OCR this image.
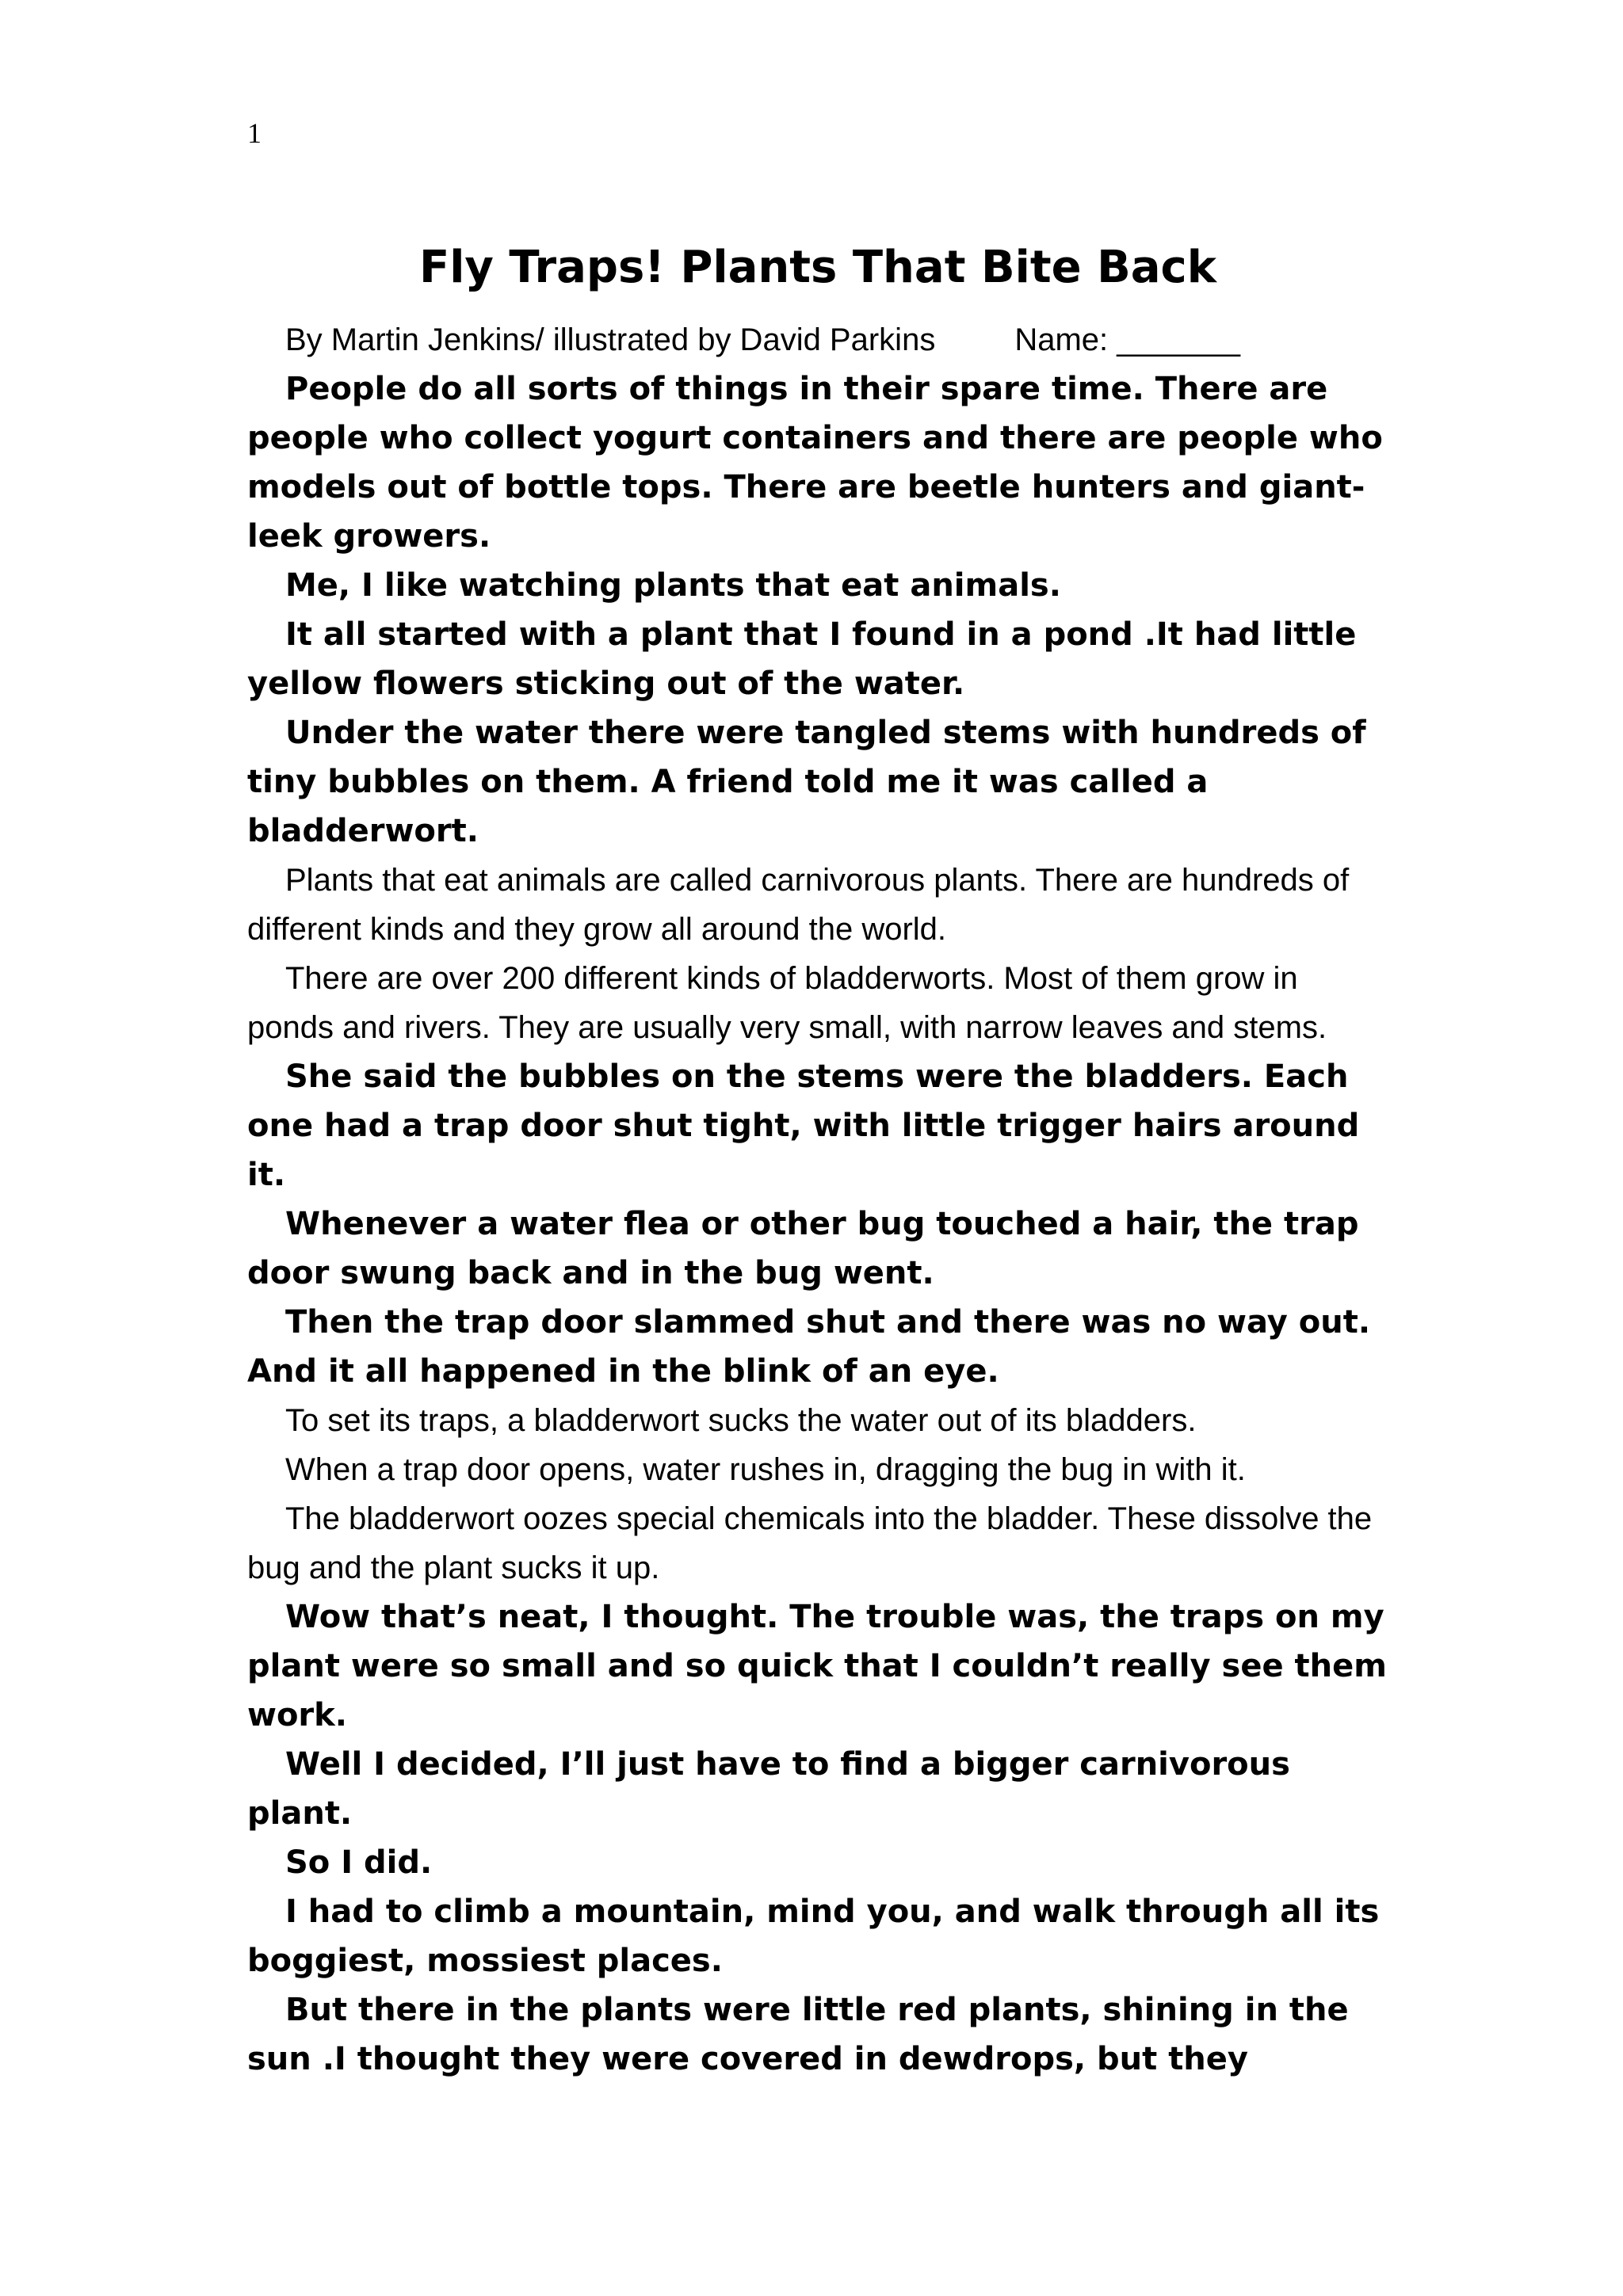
1
Fly Traps! Plants That Bite Back
By Martin Jenkins/ illustrated by David Parkins	Name: _______

People do all sorts of things in their spare time. There are people who collect yogurt containers and there are people who models out of bottle tops. There are beetle hunters and giant- leek growers.

Me, I like watching plants that eat animals.

It all started with a plant that I found in a pond .It had little yellow flowers sticking out of the water.

Under the water there were tangled stems with hundreds of tiny bubbles on them. A friend told me it was called a bladderwort.

Plants that eat animals are called carnivorous plants. There are hundreds of different kinds and they grow all around the world.

There are over 200 different kinds of bladderworts. Most of them grow in ponds and rivers. They are usually very small, with narrow leaves and stems.

She said the bubbles on the stems were the bladders. Each one had a trap door shut tight, with little trigger hairs around it.

Whenever a water flea or other bug touched a hair, the trap door swung back and in the bug went.

Then the trap door slammed shut and there was no way out. And it all happened in the blink of an eye.

To set its traps, a bladderwort sucks the water out of its bladders.

When a trap door opens, water rushes in, dragging the bug in with it.

The bladderwort oozes special chemicals into the bladder. These dissolve the bug and the plant sucks it up.

Wow that’s neat, I thought. The trouble was, the traps on my plant were so small and so quick that I couldn’t really see them work.

Well I decided, I’ll just have to find a bigger carnivorous plant.

So I did.

I had to climb a mountain, mind you, and walk through all its boggiest, mossiest places.

But there in the plants were little red plants, shining in the sun .I thought they were covered in dewdrops, but they
